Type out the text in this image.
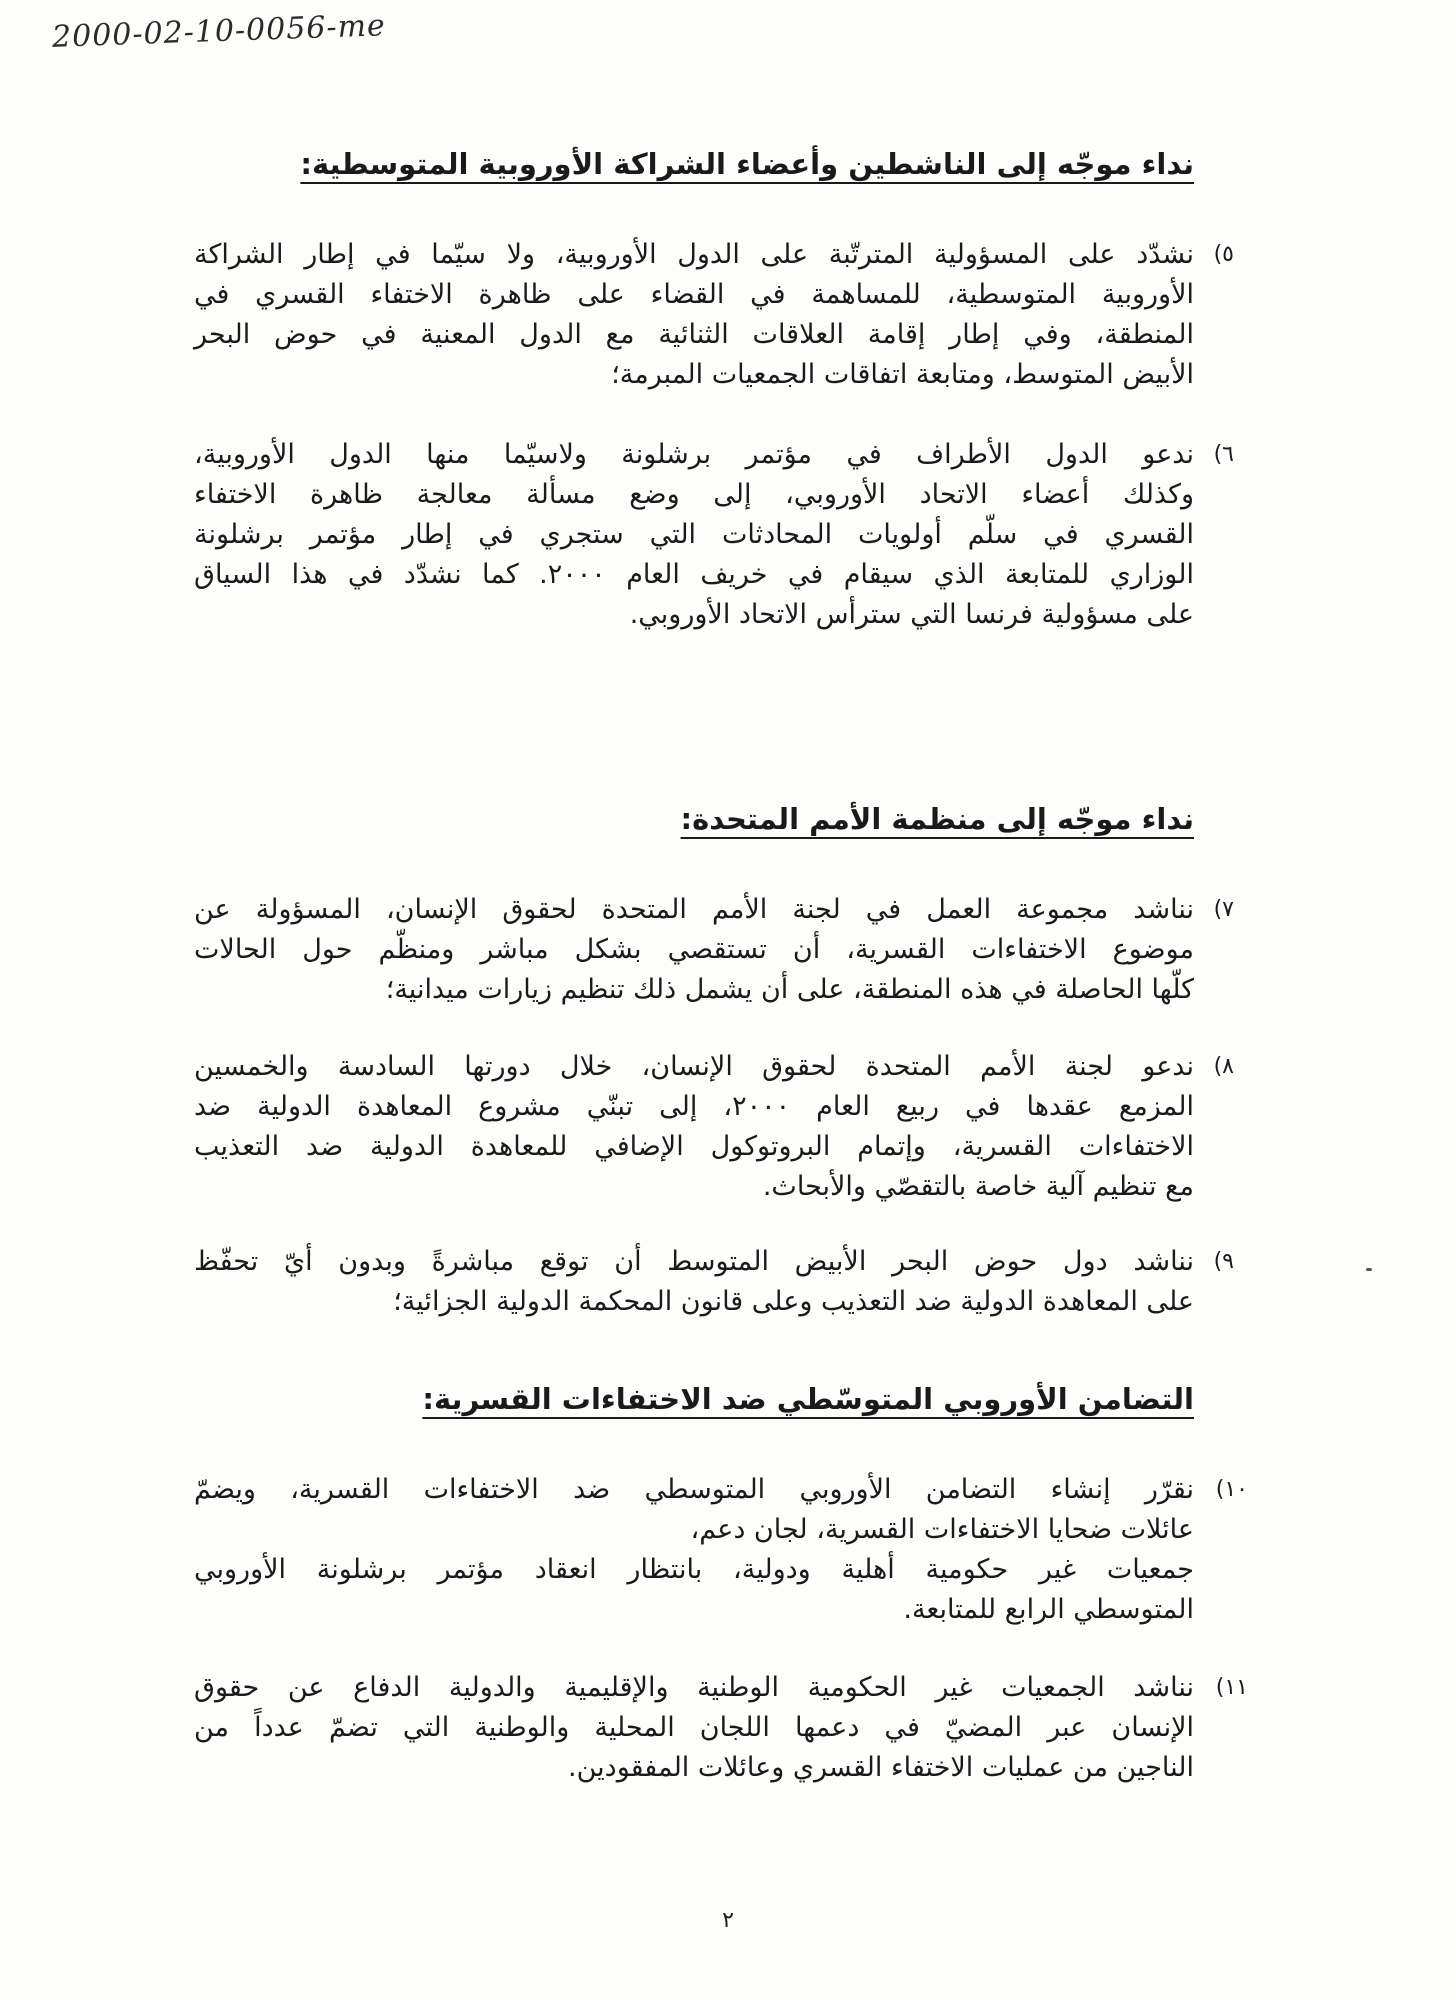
2000-02-10-0056-me
نداء موجّه إلى الناشطين وأعضاء الشراكة الأوروبية المتوسطية:
٥)
نشدّد على المسؤولية المترتّبة على الدول الأوروبية، ولا سيّما في إطار الشراكة
الأوروبية المتوسطية، للمساهمة في القضاء على ظاهرة الاختفاء القسري في
المنطقة، وفي إطار إقامة العلاقات الثنائية مع الدول المعنية في حوض البحر
الأبيض المتوسط، ومتابعة اتفاقات الجمعيات المبرمة؛
٦)
ندعو الدول الأطراف في مؤتمر برشلونة ولاسيّما منها الدول الأوروبية،
وكذلك أعضاء الاتحاد الأوروبي، إلى وضع مسألة معالجة ظاهرة الاختفاء
القسري في سلّم أولويات المحادثات التي ستجري في إطار مؤتمر برشلونة
الوزاري للمتابعة الذي سيقام في خريف العام ٢٠٠٠. كما نشدّد في هذا السياق
على مسؤولية فرنسا التي سترأس الاتحاد الأوروبي.
نداء موجّه إلى منظمة الأمم المتحدة:
٧)
نناشد مجموعة العمل في لجنة الأمم المتحدة لحقوق الإنسان، المسؤولة عن
موضوع الاختفاءات القسرية، أن تستقصي بشكل مباشر ومنظّم حول الحالات
كلّها الحاصلة في هذه المنطقة، على أن يشمل ذلك تنظيم زيارات ميدانية؛
٨)
ندعو لجنة الأمم المتحدة لحقوق الإنسان، خلال دورتها السادسة والخمسين
المزمع عقدها في ربيع العام ٢٠٠٠، إلى تبنّي مشروع المعاهدة الدولية ضد
الاختفاءات القسرية، وإتمام البروتوكول الإضافي للمعاهدة الدولية ضد التعذيب
مع تنظيم آلية خاصة بالتقصّي والأبحاث.
٩)
نناشد دول حوض البحر الأبيض المتوسط أن توقع مباشرةً وبدون أيّ تحفّظ
على المعاهدة الدولية ضد التعذيب وعلى قانون المحكمة الدولية الجزائية؛
التضامن الأوروبي المتوسّطي ضد الاختفاءات القسرية:
١٠)
نقرّر إنشاء التضامن الأوروبي المتوسطي ضد الاختفاءات القسرية، ويضمّ
عائلات ضحايا الاختفاءات القسرية، لجان دعم،
جمعيات غير حكومية أهلية ودولية، بانتظار انعقاد مؤتمر برشلونة الأوروبي
المتوسطي الرابع للمتابعة.
١١)
نناشد الجمعيات غير الحكومية الوطنية والإقليمية والدولية الدفاع عن حقوق
الإنسان عبر المضيّ في دعمها اللجان المحلية والوطنية التي تضمّ عدداً من
الناجين من عمليات الاختفاء القسري وعائلات المفقودين.
٢
